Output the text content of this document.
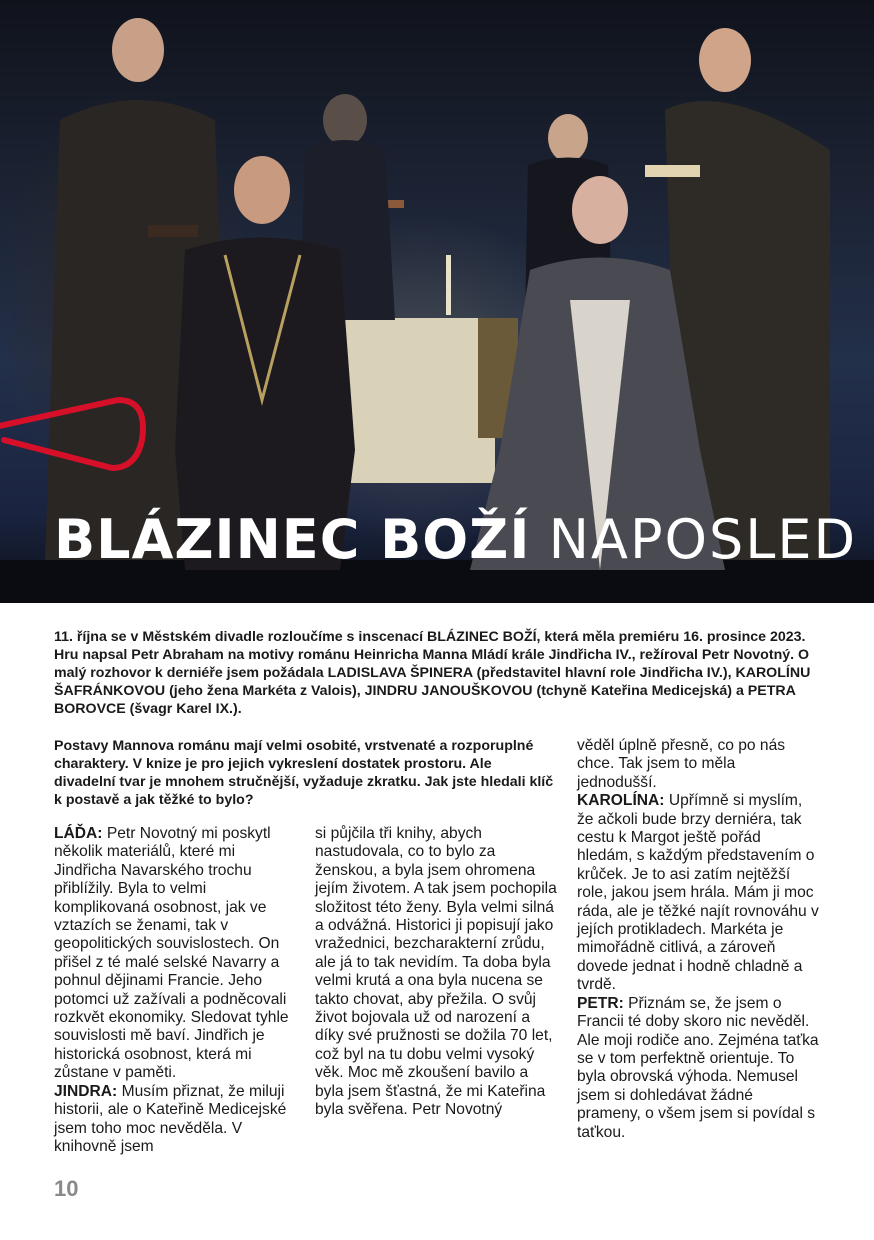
BLÁZINEC BOŽÍ NAPOSLED
11. října se v Městském divadle rozloučíme s inscenací BLÁZINEC BOŽÍ, která měla premiéru 16. prosince 2023. Hru napsal Petr Abraham na motivy románu Heinricha Manna Mládí krále Jindřicha IV., režíroval Petr Novotný. O malý rozhovor k derniéře jsem požádala LADISLAVA ŠPINERA (představitel hlavní role Jindřicha IV.), KAROLÍNU ŠAFRÁNKOVOU (jeho žena Markéta z Valois), JINDRU JANOUŠKOVOU (tchyně Kateřina Medicejská) a PETRA BOROVCE (švagr Karel IX.).
Postavy Mannova románu mají velmi osobité, vrstvenaté a rozporuplné charaktery. V knize je pro jejich vykreslení dostatek prostoru. Ale divadelní tvar je mnohem stručnější, vyžaduje zkratku. Jak jste hledali klíč k postavě a jak těžké to bylo?

LÁĎA: Petr Novotný mi poskytl několik materiálů, které mi Jindřicha Navarského trochu přiblížily. Byla to velmi komplikovaná osobnost, jak ve vztazích se ženami, tak v geopolitických souvislostech. On přišel z té malé selské Navarry a pohnul dějinami Francie. Jeho potomci už zažívali a podněcovali rozkvět ekonomiky. Sledovat tyhle souvislosti mě baví. Jindřich je historická osobnost, která mi zůstane v paměti.

JINDRA: Musím přiznat, že miluji historii, ale o Kateřině Medicejské jsem toho moc nevěděla. V knihovně jsem

si půjčila tři knihy, abych nastudovala, co to bylo za ženskou, a byla jsem ohromena jejím životem. A tak jsem pochopila složitost této ženy. Byla velmi silná a odvážná. Historici ji popisují jako vražednici, bezcharakterní zrůdu, ale já to tak nevidím. Ta doba byla velmi krutá a ona byla nucena se takto chovat, aby přežila. O svůj život bojovala už od narození a díky své pružnosti se dožila 70 let, což byl na tu dobu velmi vysoký věk. Moc mě zkoušení bavilo a byla jsem šťastná, že mi Kateřina byla svěřena. Petr Novotný

věděl úplně přesně, co po nás chce. Tak jsem to měla jednodušší.

KAROLÍNA: Upřímně si myslím, že ačkoli bude brzy derniéra, tak cestu k Margot ještě pořád hledám, s každým představením o krůček. Je to asi zatím nejtěžší role, jakou jsem hrála. Mám ji moc ráda, ale je těžké najít rovnováhu v jejích protikladech. Markéta je mimořádně citlivá, a zároveň dovede jednat i hodně chladně a tvrdě.

PETR: Přiznám se, že jsem o Francii té doby skoro nic nevěděl. Ale moji rodiče ano. Zejména taťka se v tom perfektně orientuje. To byla obrovská výhoda. Nemusel jsem si dohledávat žádné prameny, o všem jsem si povídal s taťkou.

10
